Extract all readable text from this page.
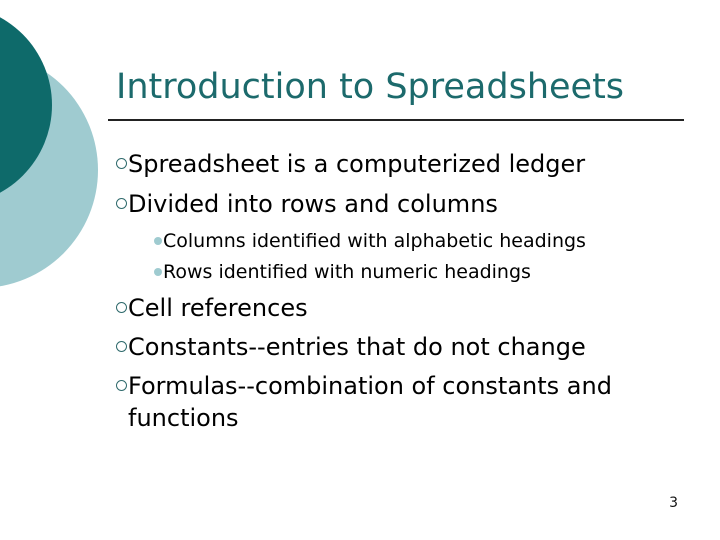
Introduction to Spreadsheets
Spreadsheet is a computerized ledger
Divided into rows and columns
Columns identified with alphabetic headings
Rows identified with numeric headings
Cell references
Constants--entries that do not change
Formulas--combination of constants and
functions
3
